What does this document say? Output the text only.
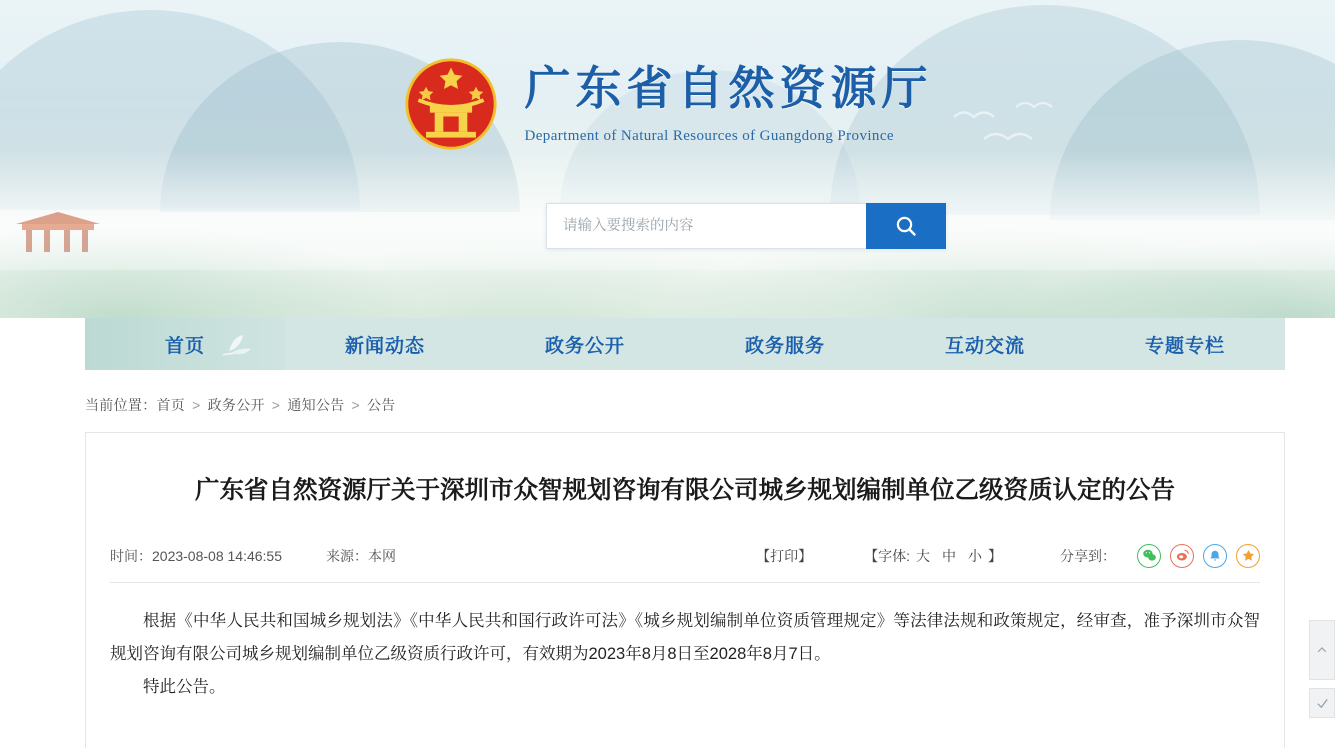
广东省自然资源厅
Department of Natural Resources of Guangdong Province
请输入要搜索的内容
首页	新闻动态	政务公开	政务服务	互动交流	专题专栏
当前位置：首页 > 政务公开 > 通知公告 > 公告
广东省自然资源厅关于深圳市众智规划咨询有限公司城乡规划编制单位乙级资质认定的公告
时间：2023-08-08 14:46:55	来源：本网	【打印】	【字体: 大 中 小 】	分享到：

根据《中华人民共和国城乡规划法》《中华人民共和国行政许可法》《城乡规划编制单位资质管理规定》等法律法规和政策规定，经审查，准予深圳市众智规划咨询有限公司城乡规划编制单位乙级资质行政许可，有效期为2023年8月8日至2028年8月7日。

特此公告。
